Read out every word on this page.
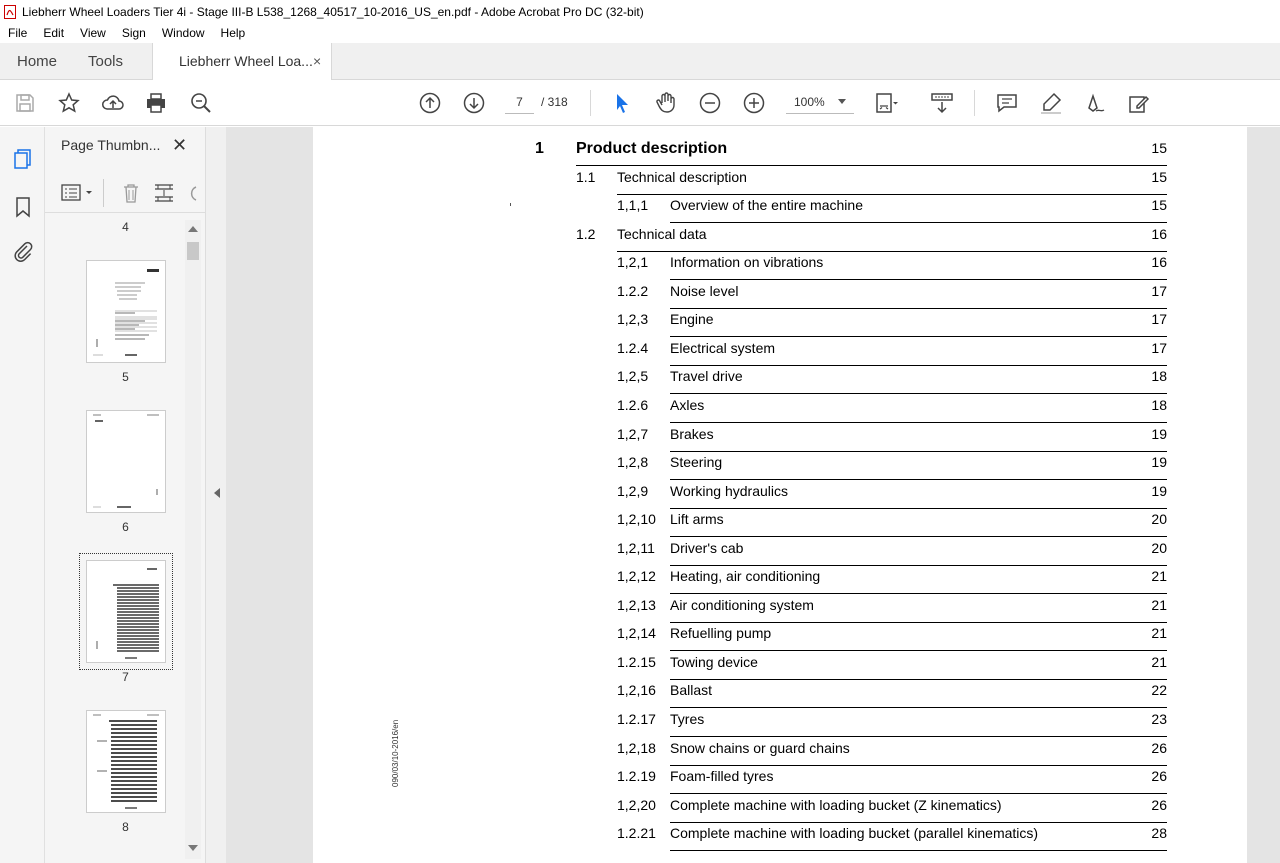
Liebherr Wheel Loaders Tier 4i - Stage III-B L538_1268_40517_10-2016_US_en.pdf - Adobe Acrobat Pro DC (32-bit)
File	Edit	View	Sign	Window	Help
Home Tools	Liebherr Wheel Loa... ×
7	/ 318	100%
Page Thumbn... ✕
4
5
6
7
8
090/03/10-2016/en
1 Product description	15
1.1 Technical description	15
1,1,1 Overview of the entire machine	15
1.2 Technical data	16
1,2,1 Information on vibrations	16
1.2.2 Noise level	17
1,2,3 Engine	17
1.2.4 Electrical system	17
1,2,5 Travel drive	18
1.2.6 Axles	18
1,2,7 Brakes	19
1,2,8 Steering	19
1,2,9 Working hydraulics	19
1,2,10 Lift arms	20
1,2,11 Driver's cab	20
1,2,12 Heating, air conditioning	21
1,2,13 Air conditioning system	21
1,2,14 Refuelling pump	21
1.2.15 Towing device	21
1,2,16 Ballast	22
1.2.17 Tyres	23
1,2,18 Snow chains or guard chains	26
1.2.19 Foam-filled tyres	26
1,2,20 Complete machine with loading bucket (Z kinematics)	26
1.2.21 Complete machine with loading bucket (parallel kinematics)	28
